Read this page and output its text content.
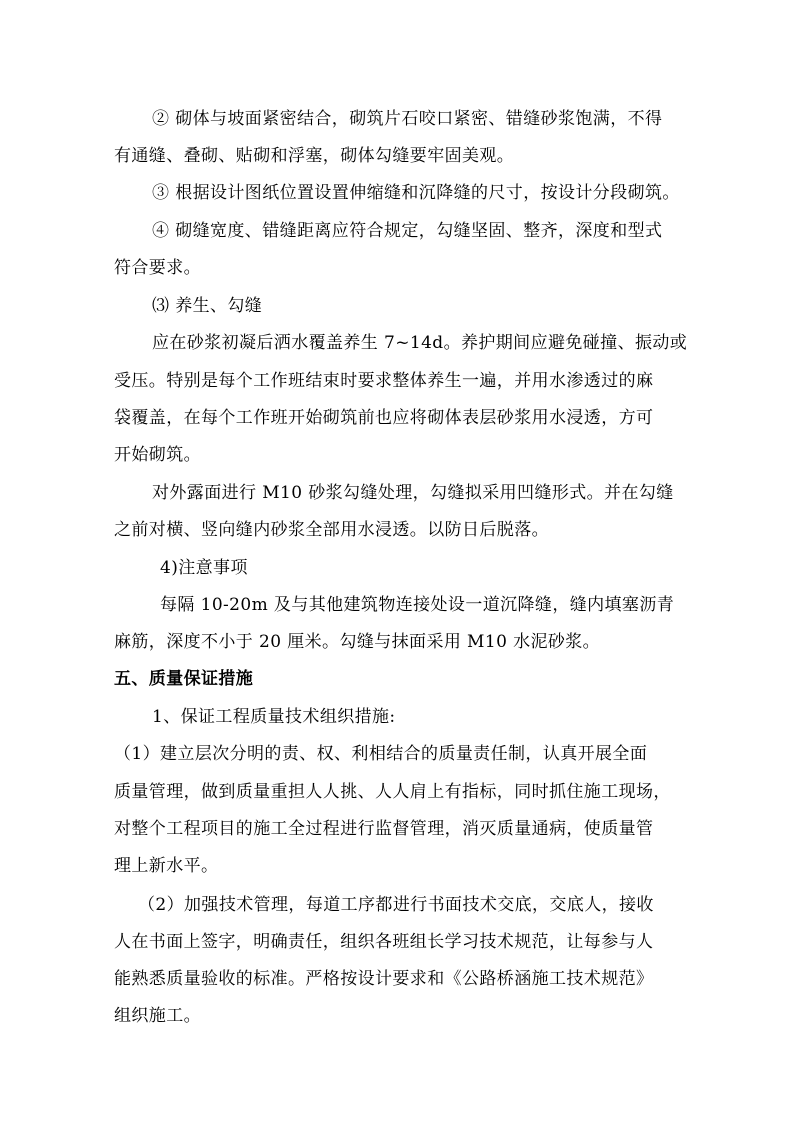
② 砌体与坡面紧密结合，砌筑片石咬口紧密、错缝砂浆饱满，不得
有通缝、叠砌、贴砌和浮塞，砌体勾缝要牢固美观。
③ 根据设计图纸位置设置伸缩缝和沉降缝的尺寸，按设计分段砌筑。
④ 砌缝宽度、错缝距离应符合规定，勾缝坚固、整齐，深度和型式
符合要求。
⑶ 养生、勾缝
应在砂浆初凝后洒水覆盖养生 7~14d。养护期间应避免碰撞、振动或
受压。特别是每个工作班结束时要求整体养生一遍，并用水渗透过的麻
袋覆盖，在每个工作班开始砌筑前也应将砌体表层砂浆用水浸透，方可
开始砌筑。
对外露面进行 M10 砂浆勾缝处理，勾缝拟采用凹缝形式。并在勾缝
之前对横、竖向缝内砂浆全部用水浸透。以防日后脱落。
4)注意事项
每隔 10-20m 及与其他建筑物连接处设一道沉降缝，缝内填塞沥青
麻筋，深度不小于 20 厘米。勾缝与抹面采用 M10 水泥砂浆。
五、质量保证措施
1、保证工程质量技术组织措施:
（1）建立层次分明的责、权、利相结合的质量责任制，认真开展全面
质量管理，做到质量重担人人挑、人人肩上有指标，同时抓住施工现场，
对整个工程项目的施工全过程进行监督管理，消灭质量通病，使质量管
理上新水平。
（2）加强技术管理，每道工序都进行书面技术交底，交底人，接收
人在书面上签字，明确责任，组织各班组长学习技术规范，让每参与人
能熟悉质量验收的标准。严格按设计要求和《公路桥涵施工技术规范》
组织施工。
